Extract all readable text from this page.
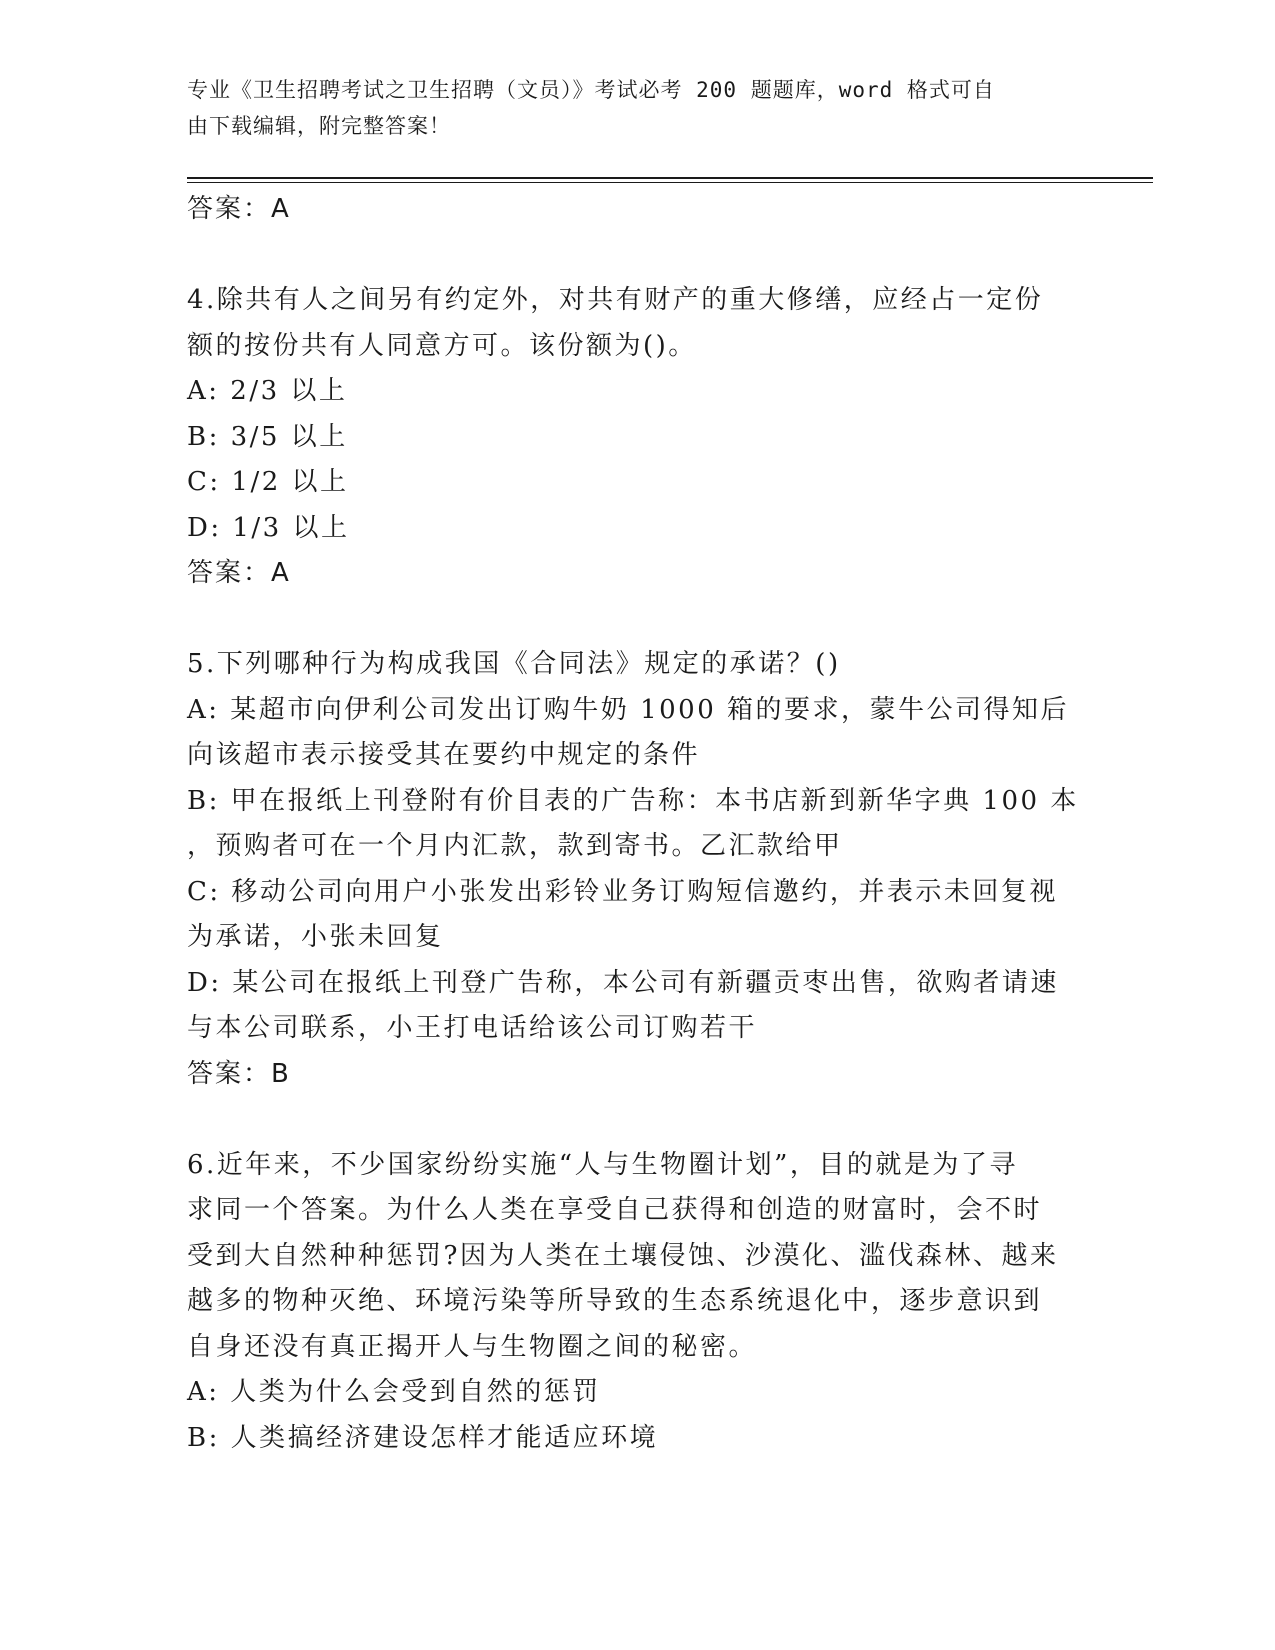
专业《卫生招聘考试之卫生招聘（文员）》考试必考 200 题题库，word 格式可自
由下载编辑，附完整答案！
答案：A
4.除共有人之间另有约定外，对共有财产的重大修缮，应经占一定份
额的按份共有人同意方可。该份额为()。
A: 2/3 以上
B: 3/5 以上
C: 1/2 以上
D: 1/3 以上
答案：A
5.下列哪种行为构成我国《合同法》规定的承诺？()
A: 某超市向伊利公司发出订购牛奶 1000 箱的要求，蒙牛公司得知后
向该超市表示接受其在要约中规定的条件
B: 甲在报纸上刊登附有价目表的广告称：本书店新到新华字典 100 本
，预购者可在一个月内汇款，款到寄书。乙汇款给甲
C: 移动公司向用户小张发出彩铃业务订购短信邀约，并表示未回复视
为承诺，小张未回复
D: 某公司在报纸上刊登广告称，本公司有新疆贡枣出售，欲购者请速
与本公司联系，小王打电话给该公司订购若干
答案：B
6.近年来，不少国家纷纷实施“人与生物圈计划”，目的就是为了寻
求同一个答案。为什么人类在享受自己获得和创造的财富时，会不时
受到大自然种种惩罚?因为人类在土壤侵蚀、沙漠化、滥伐森林、越来
越多的物种灭绝、环境污染等所导致的生态系统退化中，逐步意识到
自身还没有真正揭开人与生物圈之间的秘密。
A: 人类为什么会受到自然的惩罚
B: 人类搞经济建设怎样才能适应环境
